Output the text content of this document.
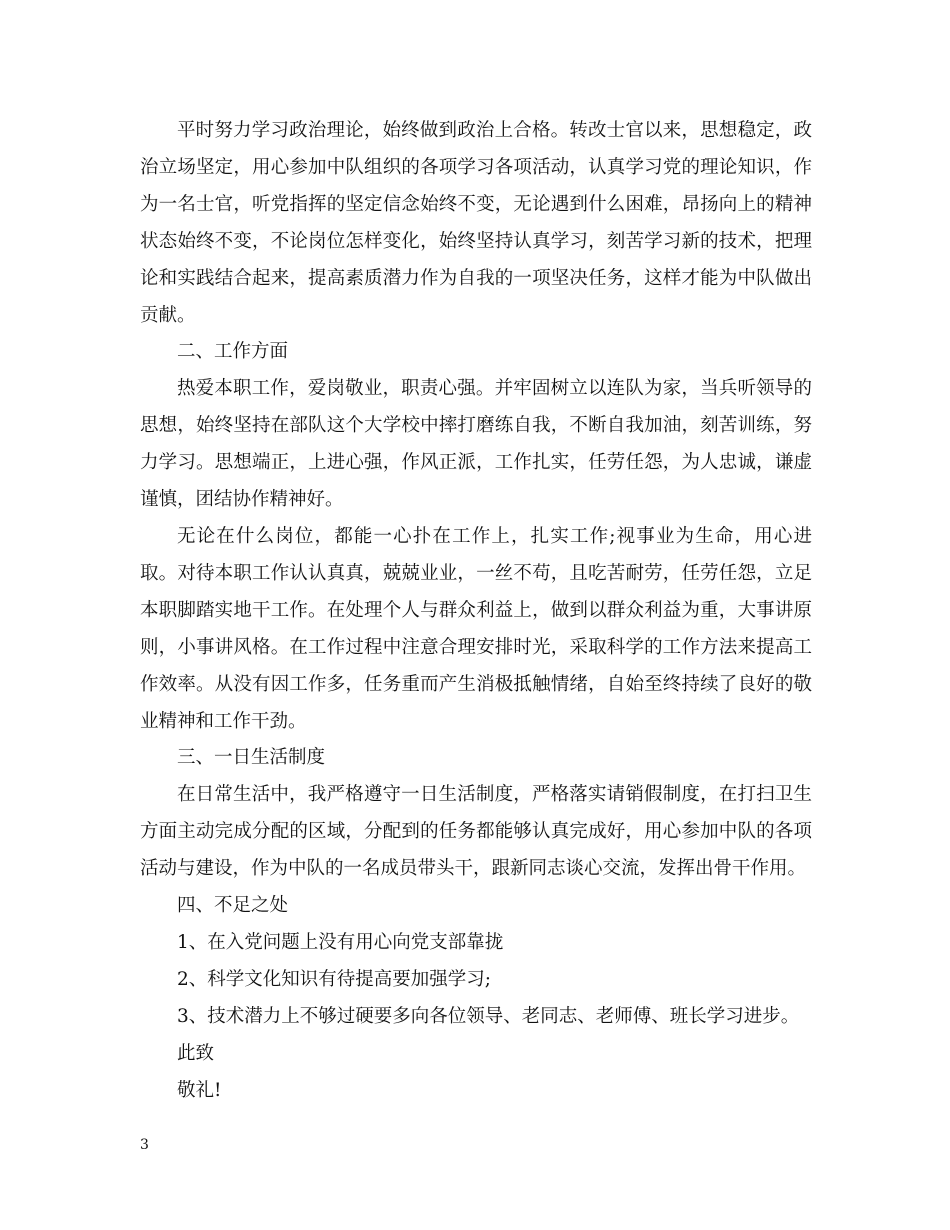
平时努力学习政治理论，始终做到政治上合格。转改士官以来，思想稳定，政治立场坚定，用心参加中队组织的各项学习各项活动，认真学习党的理论知识，作为一名士官，听党指挥的坚定信念始终不变，无论遇到什么困难，昂扬向上的精神状态始终不变，不论岗位怎样变化，始终坚持认真学习，刻苦学习新的技术，把理论和实践结合起来，提高素质潜力作为自我的一项坚决任务，这样才能为中队做出贡献。

二、工作方面

热爱本职工作，爱岗敬业，职责心强。并牢固树立以连队为家，当兵听领导的思想，始终坚持在部队这个大学校中摔打磨练自我，不断自我加油，刻苦训练，努力学习。思想端正，上进心强，作风正派，工作扎实，任劳任怨，为人忠诚，谦虚谨慎，团结协作精神好。

无论在什么岗位，都能一心扑在工作上，扎实工作;视事业为生命，用心进取。对待本职工作认认真真，兢兢业业，一丝不苟，且吃苦耐劳，任劳任怨，立足本职脚踏实地干工作。在处理个人与群众利益上，做到以群众利益为重，大事讲原则，小事讲风格。在工作过程中注意合理安排时光，采取科学的工作方法来提高工作效率。从没有因工作多，任务重而产生消极抵触情绪，自始至终持续了良好的敬业精神和工作干劲。

三、一日生活制度

在日常生活中，我严格遵守一日生活制度，严格落实请销假制度，在打扫卫生方面主动完成分配的区域，分配到的任务都能够认真完成好，用心参加中队的各项活动与建设，作为中队的一名成员带头干，跟新同志谈心交流，发挥出骨干作用。

四、不足之处

1、在入党问题上没有用心向党支部靠拢

2、科学文化知识有待提高要加强学习;

3、技术潜力上不够过硬要多向各位领导、老同志、老师傅、班长学习进步。

此致

敬礼!

3
